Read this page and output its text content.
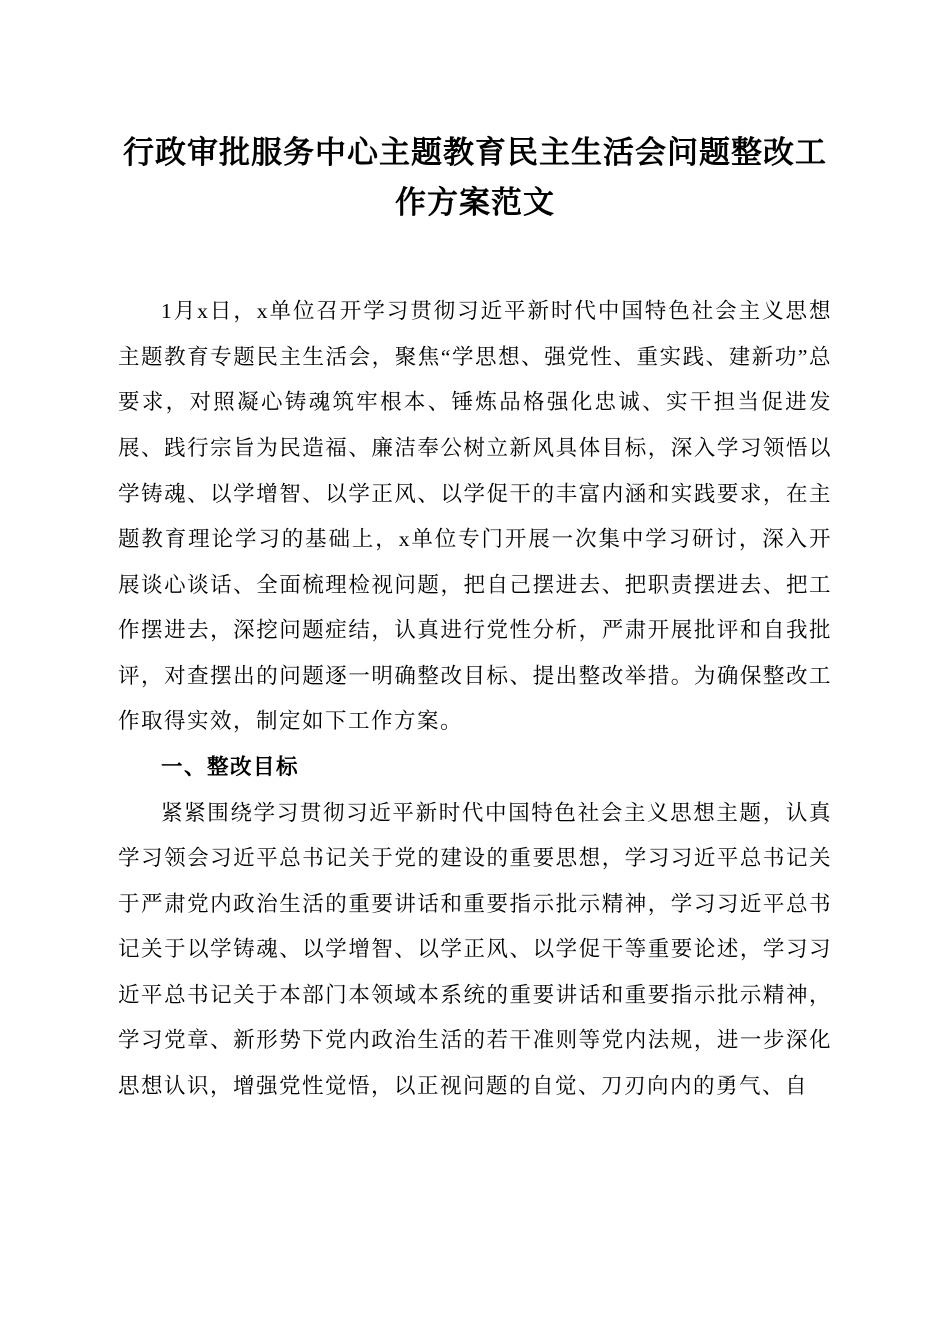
行政审批服务中心主题教育民主生活会问题整改工作方案范文

1月x日，x单位召开学习贯彻习近平新时代中国特色社会主义思想主题教育专题民主生活会，聚焦“学思想、强党性、重实践、建新功”总要求，对照凝心铸魂筑牢根本、锤炼品格强化忠诚、实干担当促进发展、践行宗旨为民造福、廉洁奉公树立新风具体目标，深入学习领悟以学铸魂、以学增智、以学正风、以学促干的丰富内涵和实践要求，在主题教育理论学习的基础上，x单位专门开展一次集中学习研讨，深入开展谈心谈话、全面梳理检视问题，把自己摆进去、把职责摆进去、把工作摆进去，深挖问题症结，认真进行党性分析，严肃开展批评和自我批评，对查摆出的问题逐一明确整改目标、提出整改举措。为确保整改工作取得实效，制定如下工作方案。

一、整改目标

紧紧围绕学习贯彻习近平新时代中国特色社会主义思想主题，认真学习领会习近平总书记关于党的建设的重要思想，学习习近平总书记关于严肃党内政治生活的重要讲话和重要指示批示精神，学习习近平总书记关于以学铸魂、以学增智、以学正风、以学促干等重要论述，学习习近平总书记关于本部门本领域本系统的重要讲话和重要指示批示精神，学习党章、新形势下党内政治生活的若干准则等党内法规，进一步深化思想认识，增强党性觉悟，以正视问题的自觉、刀刃向内的勇气、自
